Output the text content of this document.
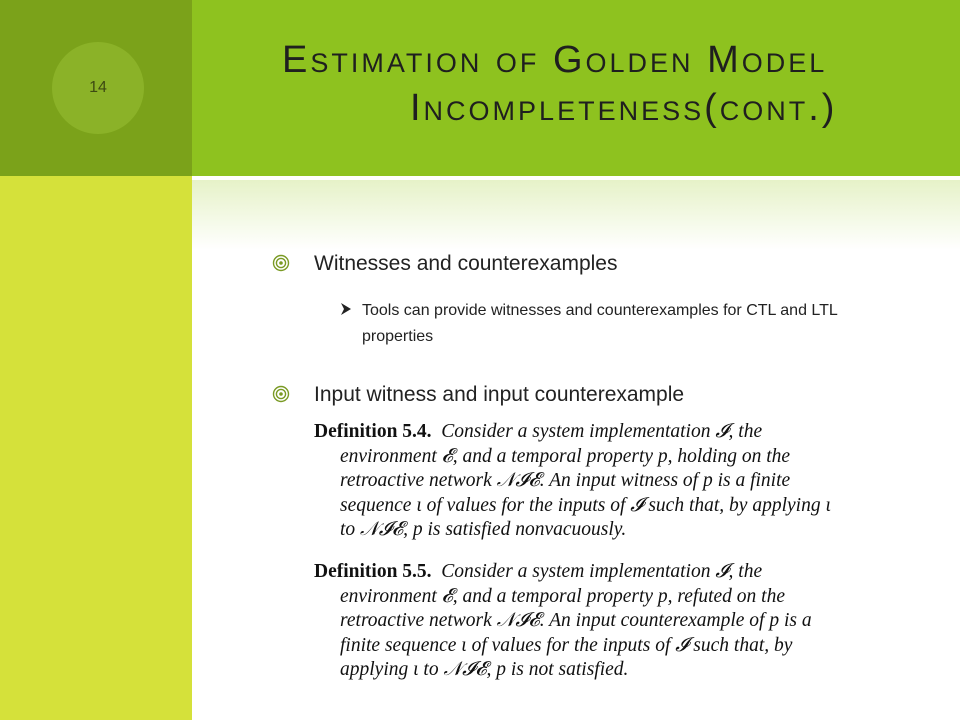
14
Estimation of Golden Model
Incompleteness(cont.)
Witnesses and counterexamples
Tools can provide witnesses and counterexamples for CTL and LTL properties
Input witness and input counterexample

Definition 5.4. Consider a system implementation 𝓘, the

environment 𝓔, and a temporal property p, holding on the
retroactive network 𝒩𝓘𝓔. An input witness of p is a finite
sequence ι of values for the inputs of 𝓘 such that, by applying ι
to 𝒩𝓘𝓔, p is satisfied nonvacuously.

Definition 5.5. Consider a system implementation 𝓘, the

environment 𝓔, and a temporal property p, refuted on the
retroactive network 𝒩𝓘𝓔. An input counterexample of p is a
finite sequence ι of values for the inputs of 𝓘 such that, by
applying ι to 𝒩𝓘𝓔, p is not satisfied.
